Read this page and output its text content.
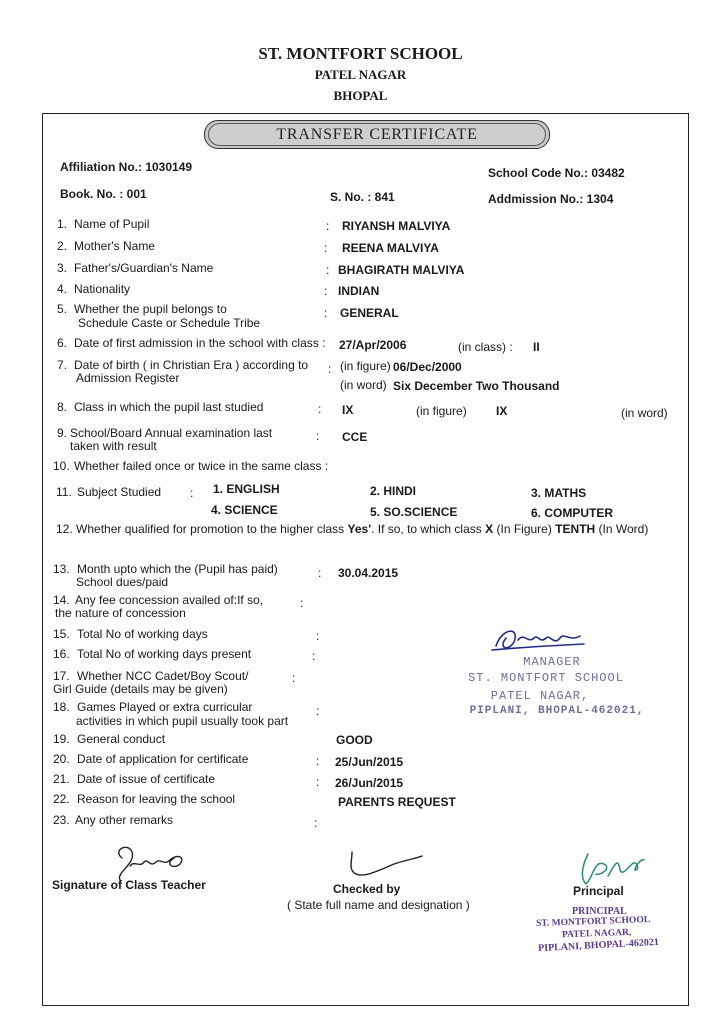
ST. MONTFORT SCHOOL
PATEL NAGAR
BHOPAL
TRANSFER CERTIFICATE
Affiliation No.: 1030149	School Code No.: 03482
Book. No. : 001	S. No. : 841	Addmission No.: 1304
1. Name of Pupil	: RIYANSH MALVIYA
2. Mother's Name	: REENA MALVIYA
3. Father's/Guardian's Name	: BHAGIRATH MALVIYA
4. Nationality	: INDIAN
5. Whether the pupil belongs to
Schedule Caste or Schedule Tribe
: GENERAL
6. Date of first admission in the school with class : 27/Apr/2006	(in class) : II
7. Date of birth ( in Christian Era ) according to
Admission Register
: (in figure) 06/Dec/2000
(in word) Six December Two Thousand
8. Class in which the pupil last studied	: IX	(in figure) IX	(in word)
9. School/Board Annual examination last
taken with result
: CCE
10. Whether failed once or twice in the same class :
11. Subject Studied : 1. ENGLISH	2. HINDI	3. MATHS
4. SCIENCE	5. SO.SCIENCE	6. COMPUTER
12. Whether qualified for promotion to the higher class Yes'. If so, to which class X (In Figure) TENTH (In Word)
13. Month upto which the (Pupil has paid)
School dues/paid
: 30.04.2015
14. Any fee concession availed of:If so,
the nature of concession
:
15. Total No of working days	:
16. Total No of working days present	:
17. Whether NCC Cadet/Boy Scout/
Girl Guide (details may be given)
:
18. Games Played or extra curricular
activities in which pupil usually took part
:
19. General conduct	GOOD
20. Date of application for certificate	: 25/Jun/2015
21. Date of issue of certificate	: 26/Jun/2015
22. Reason for leaving the school	PARENTS REQUEST
23. Any other remarks	:
MANAGER
ST. MONTFORT SCHOOL
PATEL NAGAR,
PIPLANI, BHOPAL-462021,
Signature of Class Teacher	Checked by
( State full name and designation )
Principal
PRINCIPAL
ST. MONTFORT SCHOOL
PATEL NAGAR,
PIPLANI, BHOPAL-462021
